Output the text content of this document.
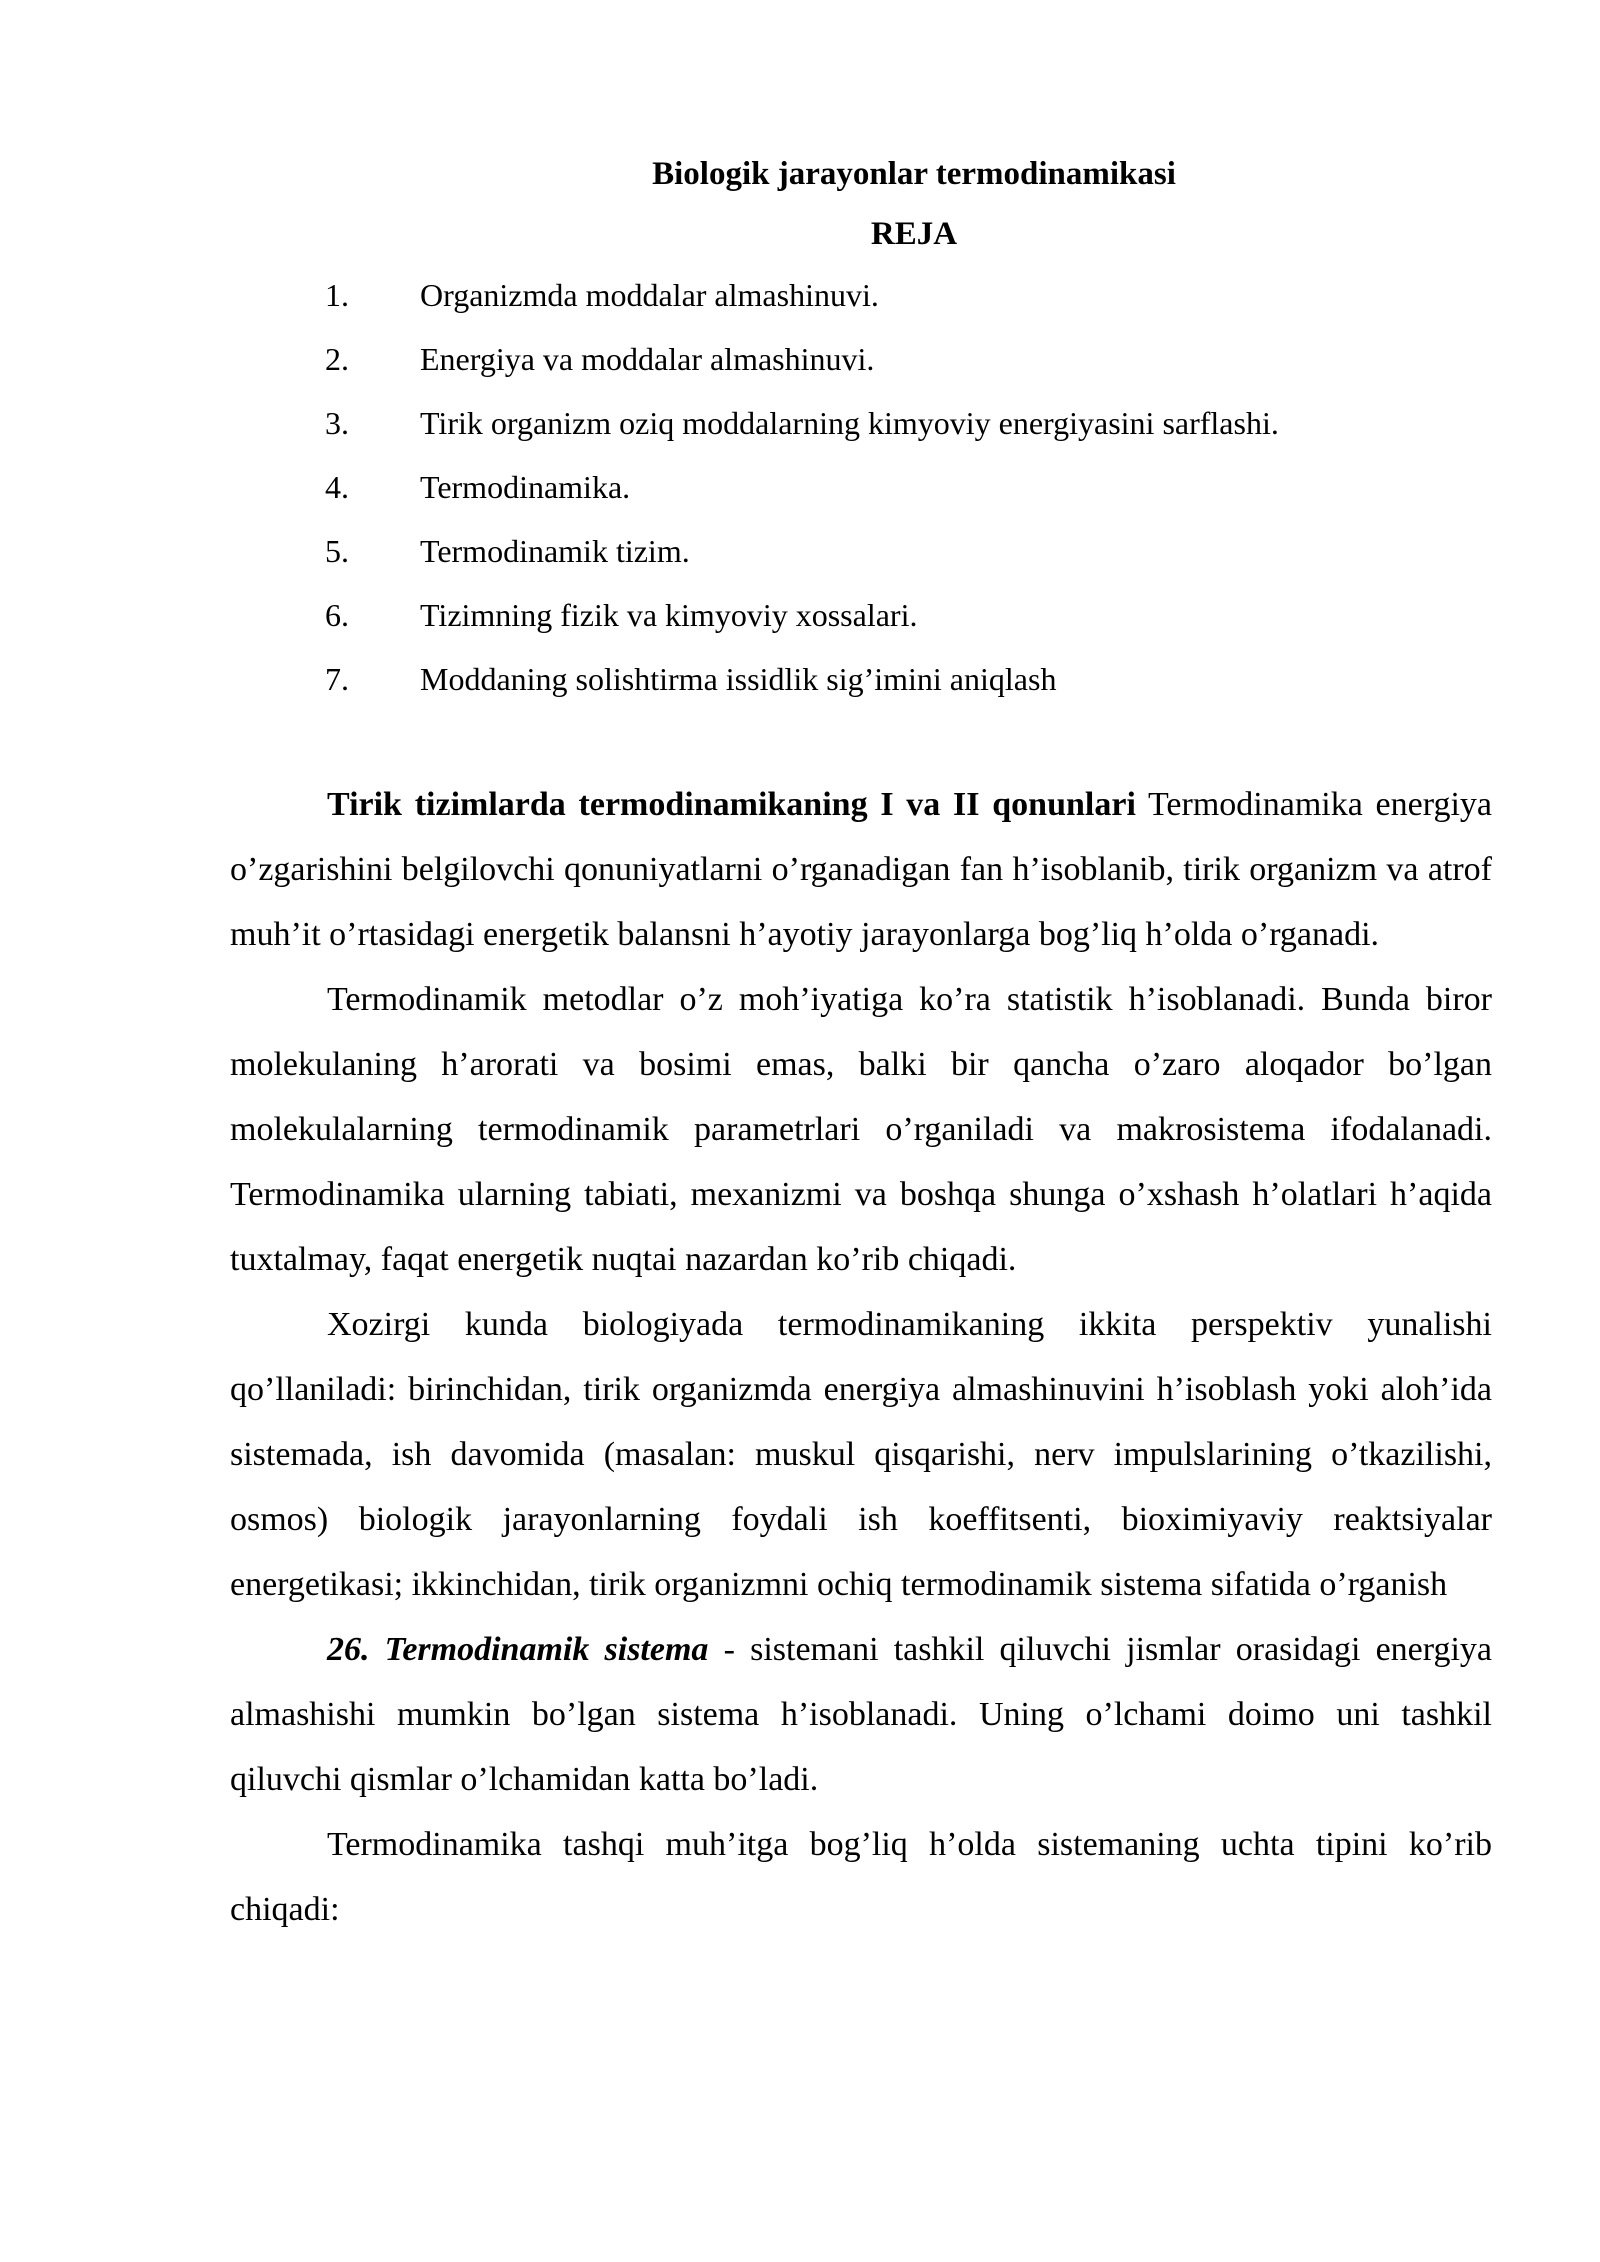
Biologik jarayonlar termodinamikasi
REJA
1.	Organizmda moddalar almashinuvi.
2.	Energiya va moddalar almashinuvi.
3.	Tirik organizm oziq moddalarning kimyoviy energiyasini sarflashi.
4.	Termodinamika.
5.	Termodinamik tizim.
6.	Tizimning fizik va kimyoviy xossalari.
7.	Moddaning solishtirma issidlik sig’imini aniqlash

Tirik tizimlarda termodinamikaning I va II qonunlari Termodinamika energiya o’zgarishini belgilovchi qonuniyatlarni o’rganadigan fan h’isoblanib, tirik organizm va atrof muh’it o’rtasidagi energetik balansni h’ayotiy jarayonlarga bog’liq h’olda o’rganadi.

Termodinamik metodlar o’z moh’iyatiga ko’ra statistik h’isoblanadi. Bunda biror molekulaning h’arorati va bosimi emas, balki bir qancha o’zaro aloqador bo’lgan molekulalarning termodinamik parametrlari o’rganiladi va makrosistema ifodalanadi. Termodinamika ularning tabiati, mexanizmi va boshqa shunga o’xshash h’olatlari h’aqida tuxtalmay, faqat energetik nuqtai nazardan ko’rib chiqadi.

Xozirgi kunda biologiyada termodinamikaning ikkita perspektiv yunalishi qo’llaniladi: birinchidan, tirik organizmda energiya almashinuvini h’isoblash yoki aloh’ida sistemada, ish davomida (masalan: muskul qisqarishi, nerv impulslarining o’tkazilishi, osmos) biologik jarayonlarning foydali ish koeffitsenti, bioximiyaviy reaktsiyalar energetikasi; ikkinchidan, tirik organizmni ochiq termodinamik sistema sifatida o’rganish

26. Termodinamik sistema - sistemani tashkil qiluvchi jismlar orasidagi energiya almashishi mumkin bo’lgan sistema h’isoblanadi. Uning o’lchami doimo uni tashkil qiluvchi qismlar o’lchamidan katta bo’ladi.

Termodinamika tashqi muh’itga bog’liq h’olda sistemaning uchta tipini ko’rib chiqadi:
